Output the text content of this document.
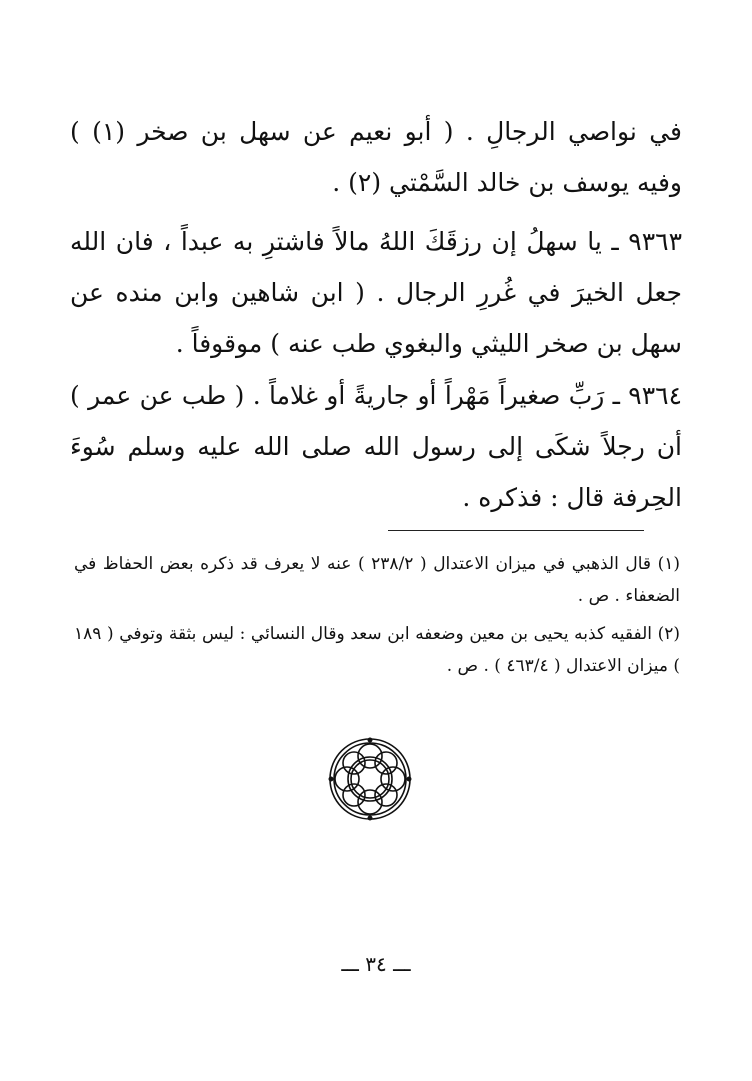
في نواصي الرجالِ . ( أبو نعيم عن سهل بن صخر (١) ) وفيه يوسف بن خالد السَّمْتي (٢) .

٩٣٦٣ ـ يا سهلُ إن رزقَكَ اللهُ مالاً فاشترِ به عبداً ، فان الله جعل الخيرَ في غُررِ الرجال . ( ابن شاهين وابن منده عن سهل بن صخر الليثي والبغوي طب عنه ) موقوفاً .

٩٣٦٤ ـ رَبِّ صغيراً مَهْراً أو جاريةً أو غلاماً . ( طب عن عمر ) أن رجلاً شكَى إلى رسول الله صلى الله عليه وسلم سُوءَ الحِرفة قال : فذكره .

(١) قال الذهبي في ميزان الاعتدال ( ٢٣٨/٢ ) عنه لا يعرف قد ذكره بعض الحفاظ في الضعفاء . ص .

(٢) الفقيه كذبه يحيى بن معين وضعفه ابن سعد وقال النسائي : ليس بثقة وتوفي ( ١٨٩ ) ميزان الاعتدال ( ٤٦٣/٤ ) . ص .

ـــ ٣٤ ـــ
